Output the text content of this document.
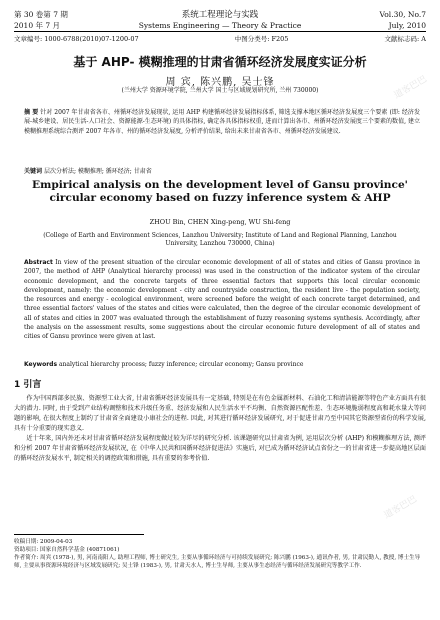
道客巴巴
道客巴巴
道客巴巴
第 30 卷第 7 期	系统工程理论与实践	Vol.30, No.7
2010 年 7 月	Systems Engineering — Theory & Practice	July, 2010
文章编号: 1000-6788(2010)07-1200-07	中图分类号: F205	文献标志码: A
基于 AHP- 模糊推理的甘肃省循环经济发展度实证分析
周 宾, 陈兴鹏, 吴士锋
(兰州大学 资源环境学院, 兰州大学 国土与区域规划研究所, 兰州 730000)
摘 要 针对 2007 年甘肃省各市、州循环经济发展现状, 运用 AHP 构建循环经济发展指标体系, 筛选支撑本地区循环经济发展度三个要素 (即: 经济发展-城乡建设、居民生活-人口社会、资源能源-生态环境) 的具体指标, 确定各具体指标权重, 进而计算出各市、州循环经济发展度三个要素的数值, 建立模糊推理系统综合测评 2007 年各市、州的循环经济发展度, 分析评价结果, 给出未来甘肃省各市、州循环经济发展建议.
关键词 层次分析法; 模糊推理; 循环经济; 甘肃省
Empirical analysis on the development level of Gansu province' circular economy based on fuzzy inference system & AHP
ZHOU Bin, CHEN Xing-peng, WU Shi-feng
(College of Earth and Environment Sciences, Lanzhou University; Institute of Land and Regional Planning, Lanzhou University, Lanzhou 730000, China)
Abstract In view of the present situation of the circular economic development of all of states and cities of Gansu province in 2007, the method of AHP (Analytical hierarchy process) was used in the construction of the indicator system of the circular economic development, and the concrete targets of three essential factors that supports this local circular economic development, namely: the economic development - city and countryside construction, the resident live - the population society, the resources and energy - ecological environment, were screened before the weight of each concrete target determined, and three essential factors' values of the states and cities were calculated, then the degree of the circular economic development of all of states and cities in 2007 was evaluated through the establishment of fuzzy reasoning systems synthesis. Accordingly, after the analysis on the assessment results, some suggestions about the circular economic future development of all of states and cities of Gansu province were given at last.
Keywords analytical hierarchy process; fuzzy inference; circular economy; Gansu province
1 引言

作为中国西部多民族、资源型工业大省, 甘肃省循环经济发展具有一定基础, 特别是在有色金属新材料、石油化工和清洁能源等特色产业方面具有很大的潜力. 同时, 由于受到产业结构调整和技术升级任务重、经济发展和人民生活水平不均衡、自然资源匹配性差、生态环境脆弱程度高和耗水量大等问题的影响, 在很大程度上制约了甘肃省全面建设小康社会的进程. 因此, 对其进行循环经济发展研究, 对于促进甘肃乃至中国其它资源型省份的科学发展, 具有十分重要的现实意义.

近十年来, 国内外还未对甘肃省循环经济发展程度做过较为详尽的研究分析. 该课题研究以甘肃省为例, 运用层次分析 (AHP) 和模糊推理方法, 测评和分析 2007 年甘肃省循环经济发展状况, 在《中华人民共和国循环经济促进法》实施后, 对已成为循环经济试点省份之一的甘肃省进一步提高地区层面的循环经济发展水平, 制定相关的调控政策和措施, 具有重要的参考价值.

收稿日期: 2009-04-03
资助项目: 国家自然科学基金 (40871061)
作者简介: 周宾 (1978-), 男, 河南南阳人, 助理工程师, 博士研究生, 主要从事循环经济与可持续发展研究; 陈兴鹏 (1963-), 通讯作者, 男, 甘肃民勤人, 教授, 博士生导师, 主要从事资源环境经济与区域发展研究; 吴士锋 (1983-), 男, 甘肃天水人, 博士生导师, 主要从事生态经济与循环经济发展研究等教学工作.
